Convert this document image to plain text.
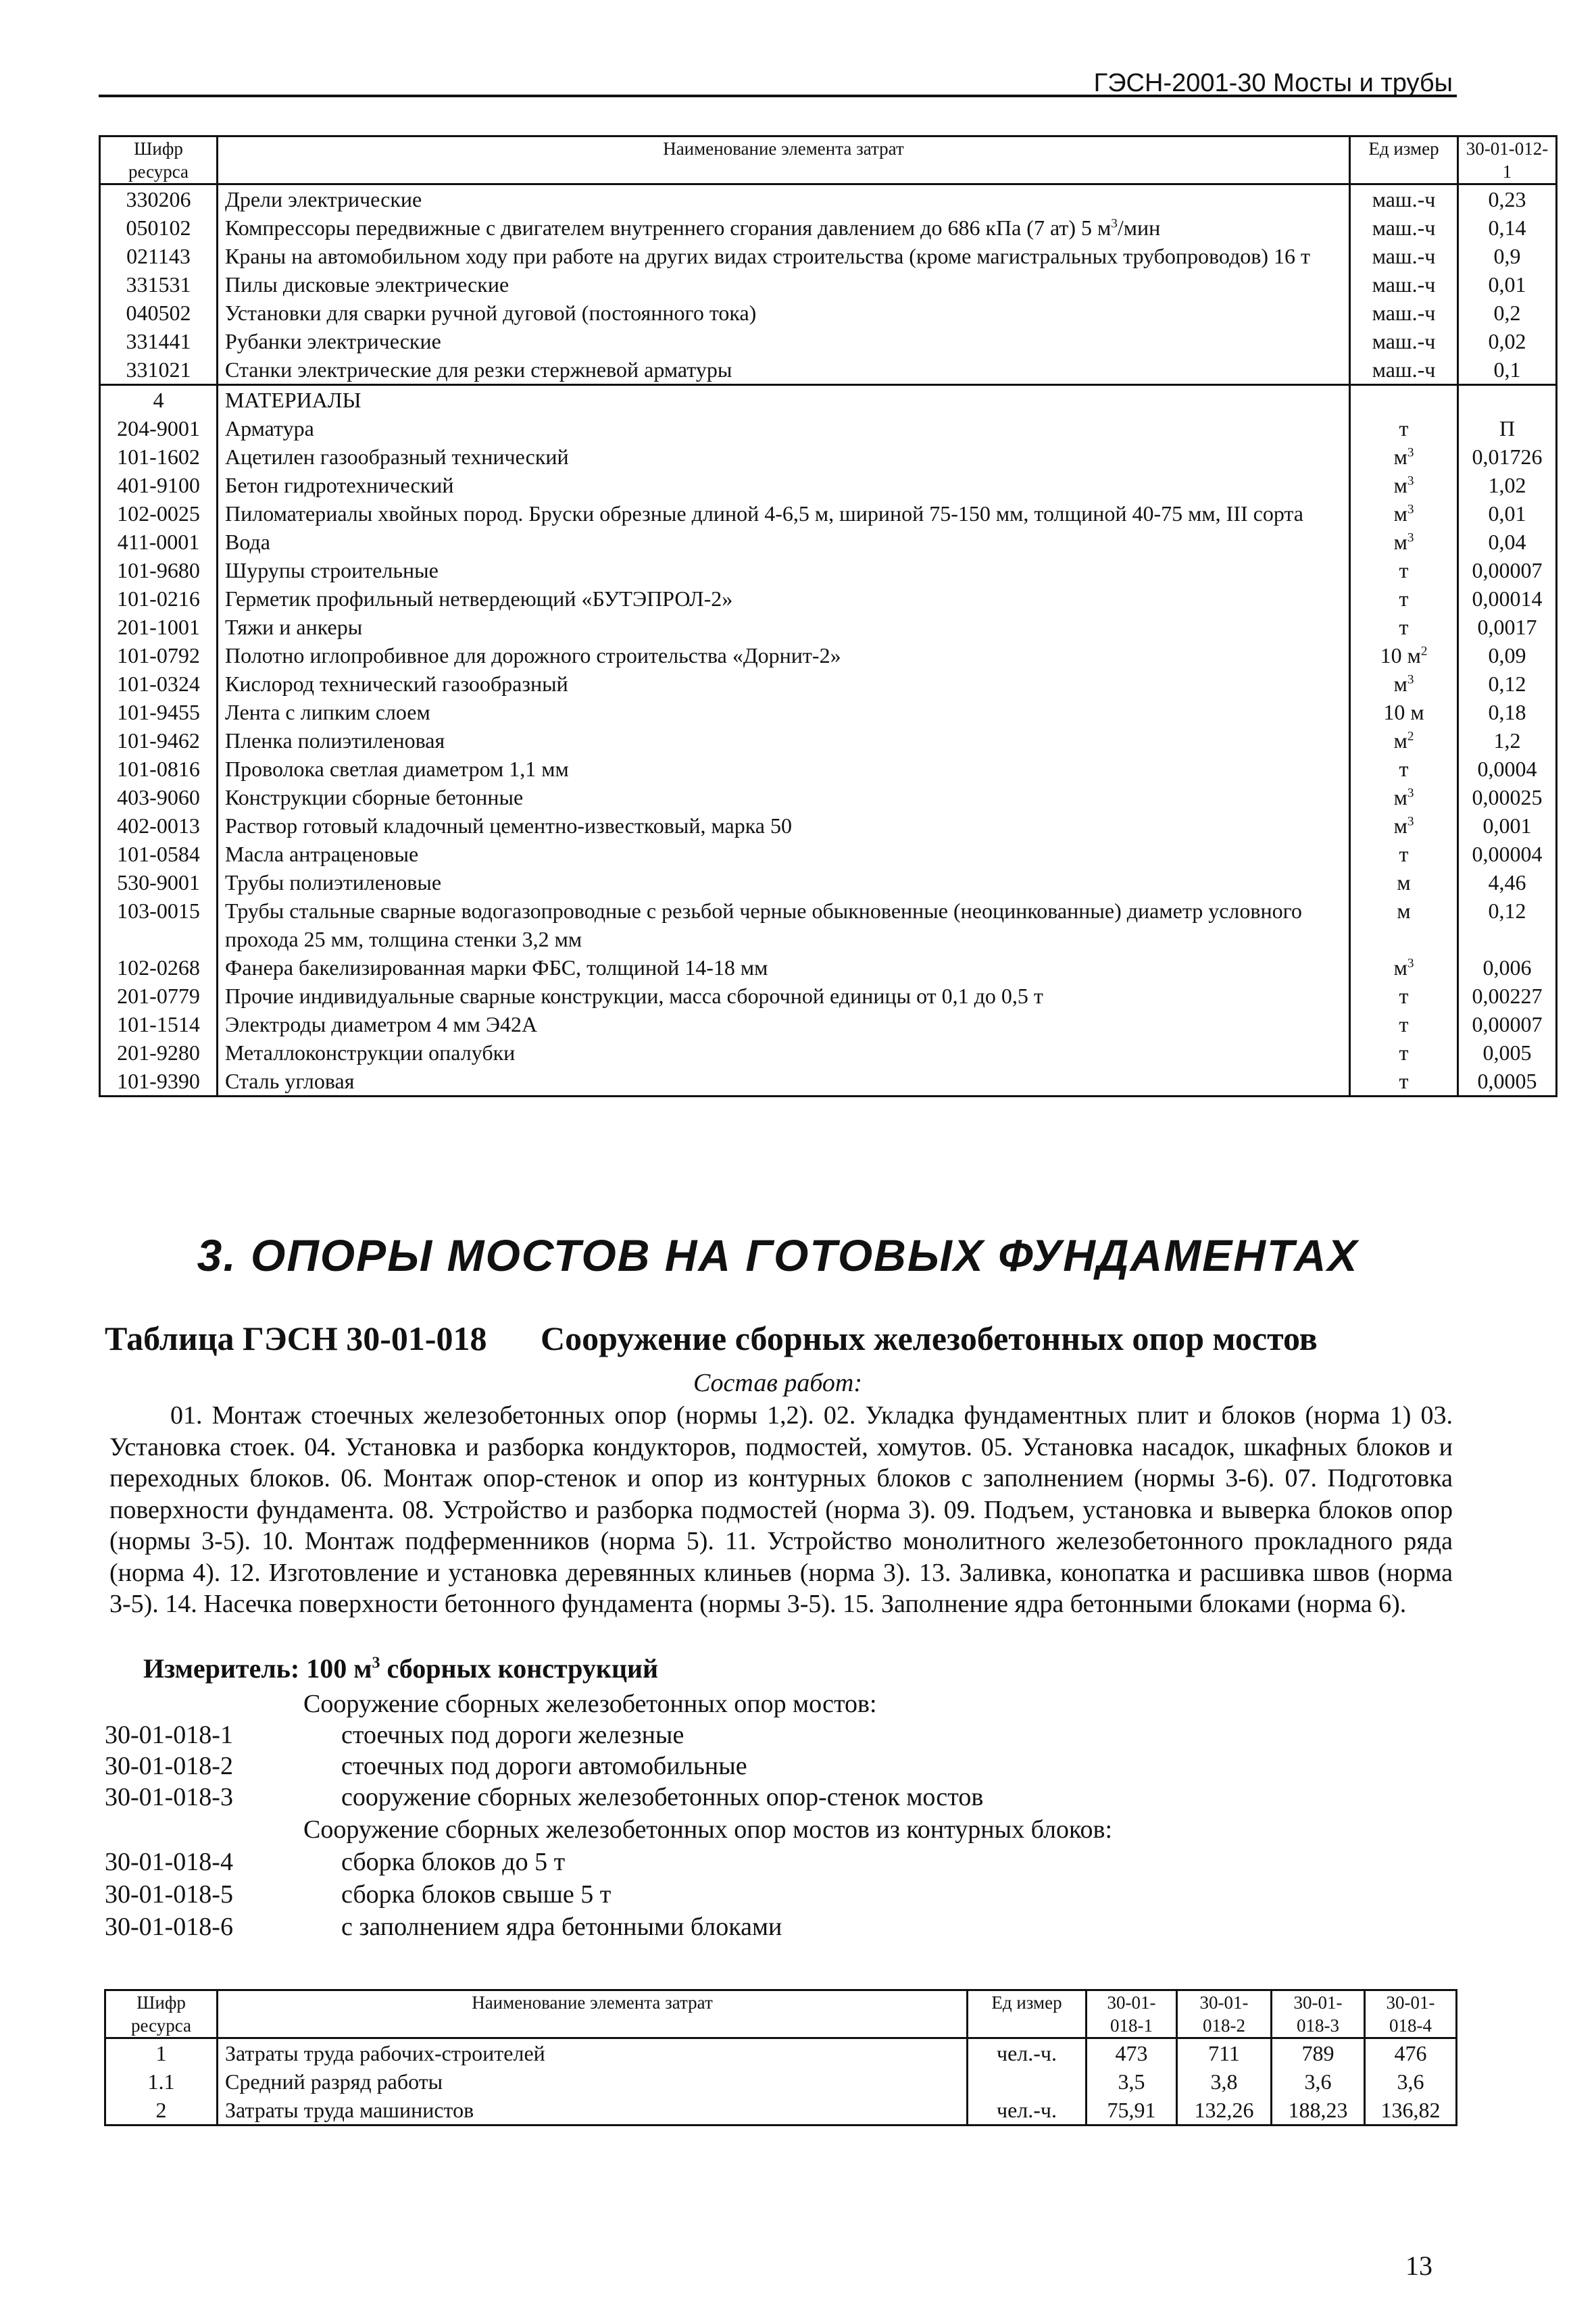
ГЭСН-2001-30 Мосты и трубы
Шифр ресурса	Наименование элемента затрат	Ед измер	30-01-012-1
330206	Дрели электрические	маш.-ч	0,23
050102	Компрессоры передвижные с двигателем внутреннего сгорания давлением до 686 кПа (7 ат) 5 $м^3$/мин	маш.-ч	0,14
021143	Краны на автомобильном ходу при работе на других видах строительства (кроме магистральных трубопроводов) 16 т	маш.-ч	0,9
331531	Пилы дисковые электрические	маш.-ч	0,01
040502	Установки для сварки ручной дуговой (постоянного тока)	маш.-ч	0,2
331441	Рубанки электрические	маш.-ч	0,02
331021	Станки электрические для резки стержневой арматуры	маш.-ч	0,1
4	МАТЕРИАЛЫ		
204-9001	Арматура	т	П
101-1602	Ацетилен газообразный технический	$м^3$	0,01726
401-9100	Бетон гидротехнический	$м^3$	1,02
102-0025	Пиломатериалы хвойных пород. Бруски обрезные длиной 4-6,5 м, шириной 75-150 мм, толщиной 40-75 мм, III сорта	$м^3$	0,01
411-0001	Вода	$м^3$	0,04
101-9680	Шурупы строительные	т	0,00007
101-0216	Герметик профильный нетвердеющий «БУТЭПРОЛ-2»	т	0,00014
201-1001	Тяжи и анкеры	т	0,0017
101-0792	Полотно иглопробивное для дорожного строительства «Дорнит-2»	10 $м^2$	0,09
101-0324	Кислород технический газообразный	$м^3$	0,12
101-9455	Лента с липким слоем	10 м	0,18
101-9462	Пленка полиэтиленовая	$м^2$	1,2
101-0816	Проволока светлая диаметром 1,1 мм	т	0,0004
403-9060	Конструкции сборные бетонные	$м^3$	0,00025
402-0013	Раствор готовый кладочный цементно-известковый, марка 50	$м^3$	0,001
101-0584	Масла антраценовые	т	0,00004
530-9001	Трубы полиэтиленовые	м	4,46
103-0015	Трубы стальные сварные водогазопроводные с резьбой черные обыкновенные (неоцинкованные) диаметр условного прохода 25 мм, толщина стенки 3,2 мм	м	0,12
102-0268	Фанера бакелизированная марки ФБС, толщиной 14-18 мм	$м^3$	0,006
201-0779	Прочие индивидуальные сварные конструкции, масса сборочной единицы от 0,1 до 0,5 т	т	0,00227
101-1514	Электроды диаметром 4 мм Э42А	т	0,00007
201-9280	Металлоконструкции опалубки	т	0,005
101-9390	Сталь угловая	т	0,0005
3. ОПОРЫ МОСТОВ НА ГОТОВЫХ ФУНДАМЕНТАХ
Таблица ГЭСН 30-01-018 Сооружение сборных железобетонных опор мостов
Состав работ:
01. Монтаж стоечных железобетонных опор (нормы 1,2). 02. Укладка фундаментных плит и блоков (норма 1) 03. Установка стоек. 04. Установка и разборка кондукторов, подмостей, хомутов. 05. Установка насадок, шкафных блоков и переходных блоков. 06. Монтаж опор-стенок и опор из контурных блоков с заполнением (нормы 3-6). 07. Подготовка поверхности фундамента. 08. Устройство и разборка подмостей (норма 3). 09. Подъем, установка и выверка блоков опор (нормы 3-5). 10. Монтаж подферменников (норма 5). 11. Устройство монолитного железобетонного прокладного ряда (норма 4). 12. Изготовление и установка деревянных клиньев (норма 3). 13. Заливка, конопатка и расшивка швов (норма 3-5). 14. Насечка поверхности бетонного фундамента (нормы 3-5). 15. Заполнение ядра бетонными блоками (норма 6).
Измеритель: 100 $м^3$ сборных конструкций
Сооружение сборных железобетонных опор мостов:
30-01-018-1	стоечных под дороги железные
30-01-018-2	стоечных под дороги автомобильные
30-01-018-3	сооружение сборных железобетонных опор-стенок мостов
Сооружение сборных железобетонных опор мостов из контурных блоков:
30-01-018-4	сборка блоков до 5 т
30-01-018-5	сборка блоков свыше 5 т
30-01-018-6	с заполнением ядра бетонными блоками
Шифр ресурса	Наименование элемента затрат	Ед измер	30-01-018-1	30-01-018-2	30-01-018-3	30-01-018-4
1	Затраты труда рабочих-строителей	чел.-ч.	473	711	789	476
1.1	Средний разряд работы		3,5	3,8	3,6	3,6
2	Затраты труда машинистов	чел.-ч.	75,91	132,26	188,23	136,82
13
